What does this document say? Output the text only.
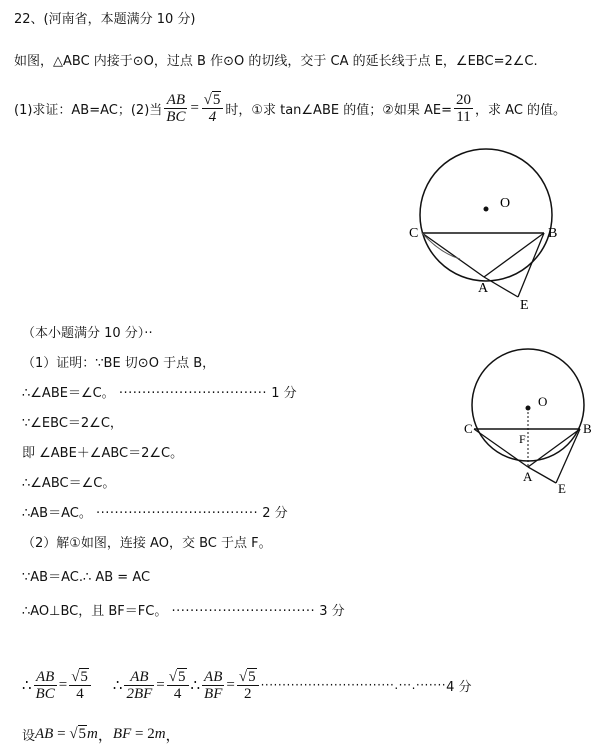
22、(河南省，本题满分 10 分)
如图，△ABC 内接于⊙O，过点 B 作⊙O 的切线，交于 CA 的延长线于点 E，∠EBC=2∠C.
(1)求证：AB=AC；(2)当 $\frac{AB}{BC} = \frac{√5}{4}$ 时，①求 tan∠ABE 的值；②如果 $AE= \frac{20}{11}$ ，求 AC 的值。
O
C	B
A
E
（本小题满分 10 分）··
（1）证明：∵BE 切⊙O 于点 B，
∴∠ABE＝∠C。 ································ 1 分
∵∠EBC＝2∠C，
即 ∠ABE＋∠ABC＝2∠C。
∴∠ABC＝∠C。
∴AB＝AC。 ··································· 2 分
（2）解①如图，连接 AO，交 BC 于点 F。
∵AB＝AC.∴ AB = AC
∴AO⊥BC，且 BF＝FC。 ······························· 3 分
O
C	B
F
A
E
∴ $\frac{AB}{BC} = \frac{√5}{4}$ ∴ $\frac{AB}{2BF} = \frac{√5}{4}$ ∴ $\frac{AB}{BF} = \frac{√5}{2}$ ·······························.···.······· 4 分
设 AB = √5 m ， BF = 2 m ，
